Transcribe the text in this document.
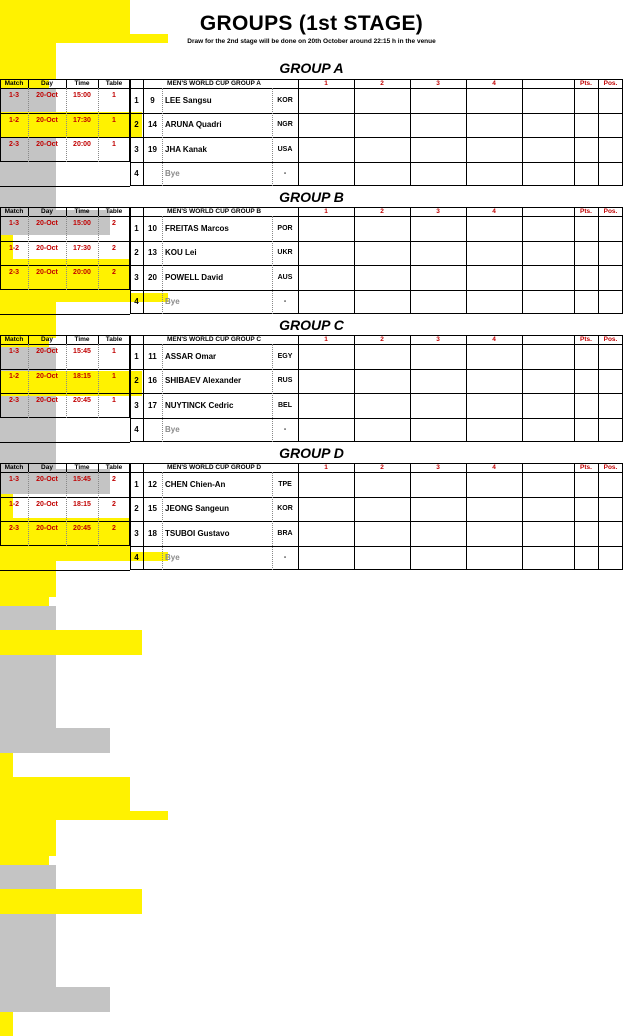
GROUPS (1st STAGE)
Draw for the 2nd stage will be done on 20th October around 22:15 h in the venue
GROUP A
Match	Day	Time	Table
1-3	20-Oct	15:00	1
1-2	20-Oct	17:30	1
2-3	20-Oct	20:00	1
MEN'S WORLD CUP GROUP A	1	2	3	4	Pts.	Pos.
1	9	LEE Sangsu	KOR
2	14	ARUNA Quadri	NGR
3	19	JHA Kanak	USA
4	Bye	-
GROUP B
Match	Day	Time	Table
1-3	20-Oct	15:00	2
1-2	20-Oct	17:30	2
2-3	20-Oct	20:00	2
MEN'S WORLD CUP GROUP B	1	2	3	4	Pts.	Pos.
1	10	FREITAS Marcos	POR
2	13	KOU Lei	UKR
3	20	POWELL David	AUS
4	Bye	-
GROUP C
Match	Day	Time	Table
1-3	20-Oct	15:45	1
1-2	20-Oct	18:15	1
2-3	20-Oct	20:45	1
MEN'S WORLD CUP GROUP C	1	2	3	4	Pts.	Pos.
1	11	ASSAR Omar	EGY
2	16	SHIBAEV Alexander	RUS
3	17	NUYTINCK Cedric	BEL
4	Bye	-
GROUP D
Match	Day	Time	Table
1-3	20-Oct	15:45	2
1-2	20-Oct	18:15	2
2-3	20-Oct	20:45	2
MEN'S WORLD CUP GROUP D	1	2	3	4	Pts.	Pos.
1	12	CHEN Chien-An	TPE
2	15	JEONG Sangeun	KOR
3	18	TSUBOI Gustavo	BRA
4	Bye	-
